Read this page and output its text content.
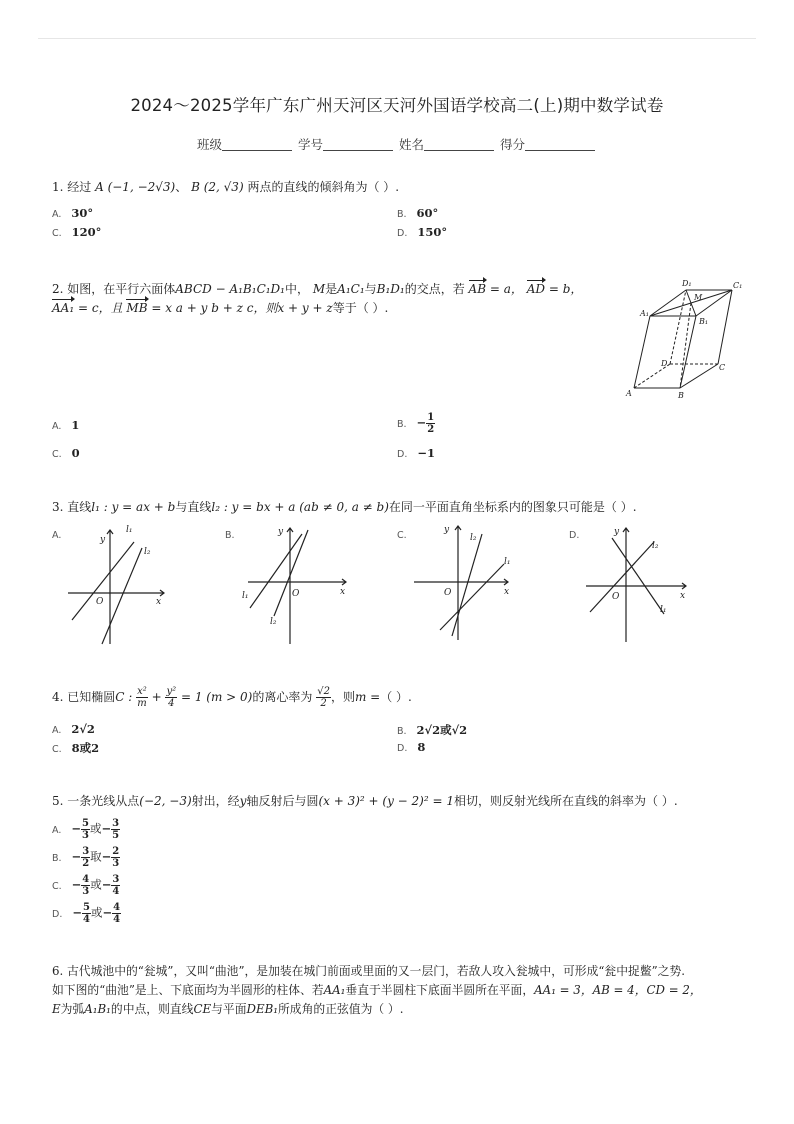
2024～2025学年广东广州天河区天河外国语学校高二(上)期中数学试卷
班级	学号	姓名	得分
1. 经过 A (−1, −2√3)、 B (2, √3) 两点的直线的倾斜角为（ ）.
A. 30°	B. 60°
C. 120°	D. 150°
2. 如图，在平行六面体ABCD − A₁B₁C₁D₁中， M是A₁C₁与B₁D₁的交点，若 AB = a， AD = b，
AA₁ = c，且 MB = x a + y b + z c，则x + y + z等于（ ）.
D₁	C₁
A₁
M
B₁
D	C
A	B
A. 1	B. − $\frac{1}{2}$
C. 0	D. −1
3. 直线l₁ : y = ax + b与直线l₂ : y = bx + a (ab ≠ 0, a ≠ b)在同一平面直角坐标系内的图象只可能是（ ）.
A.
x
y
O
l₁
l₂
B.
x
y
O
l₁
l₂
C.
x
y
O
l₁
l₂	D.
x
y
O
l₁
l₂
4. 已知椭圆C : $\frac{\text{x²}}{m} + \frac{\text{y²}}{4} = 1$ (m > 0)的离心率为 $\frac{√2}{2}$ ，则m =（ ）.
A. 2√2	B. 2√2或√2
C. 8或2	D. 8
5. 一条光线从点(−2, −3)射出，经y轴反射后与圆(x + 3)² + (y − 2)² = 1相切，则反射光线所在直线的斜率为（ ）.
A. − $\frac{5}{3}$ 或− $\frac{3}{5}$
B. − $\frac{3}{2}$ 取− $\frac{2}{3}$
C. − $\frac{4}{3}$ 或− $\frac{3}{4}$
D. − $\frac{5}{4}$ 或− $\frac{4}{4}$
6. 古代城池中的“瓮城”，又叫“曲池”，是加装在城门前面或里面的又一层门，若敌人攻入瓮城中，可形成“瓮中捉鳖”之势.
如下图的“曲池”是上、下底面均为半圆形的柱体、若AA₁垂直于半圆柱下底面半圆所在平面，AA₁ = 3，AB = 4，CD = 2，
E为弧A₁B₁的中点，则直线CE与平面DEB₁所成角的正弦值为（ ）.
